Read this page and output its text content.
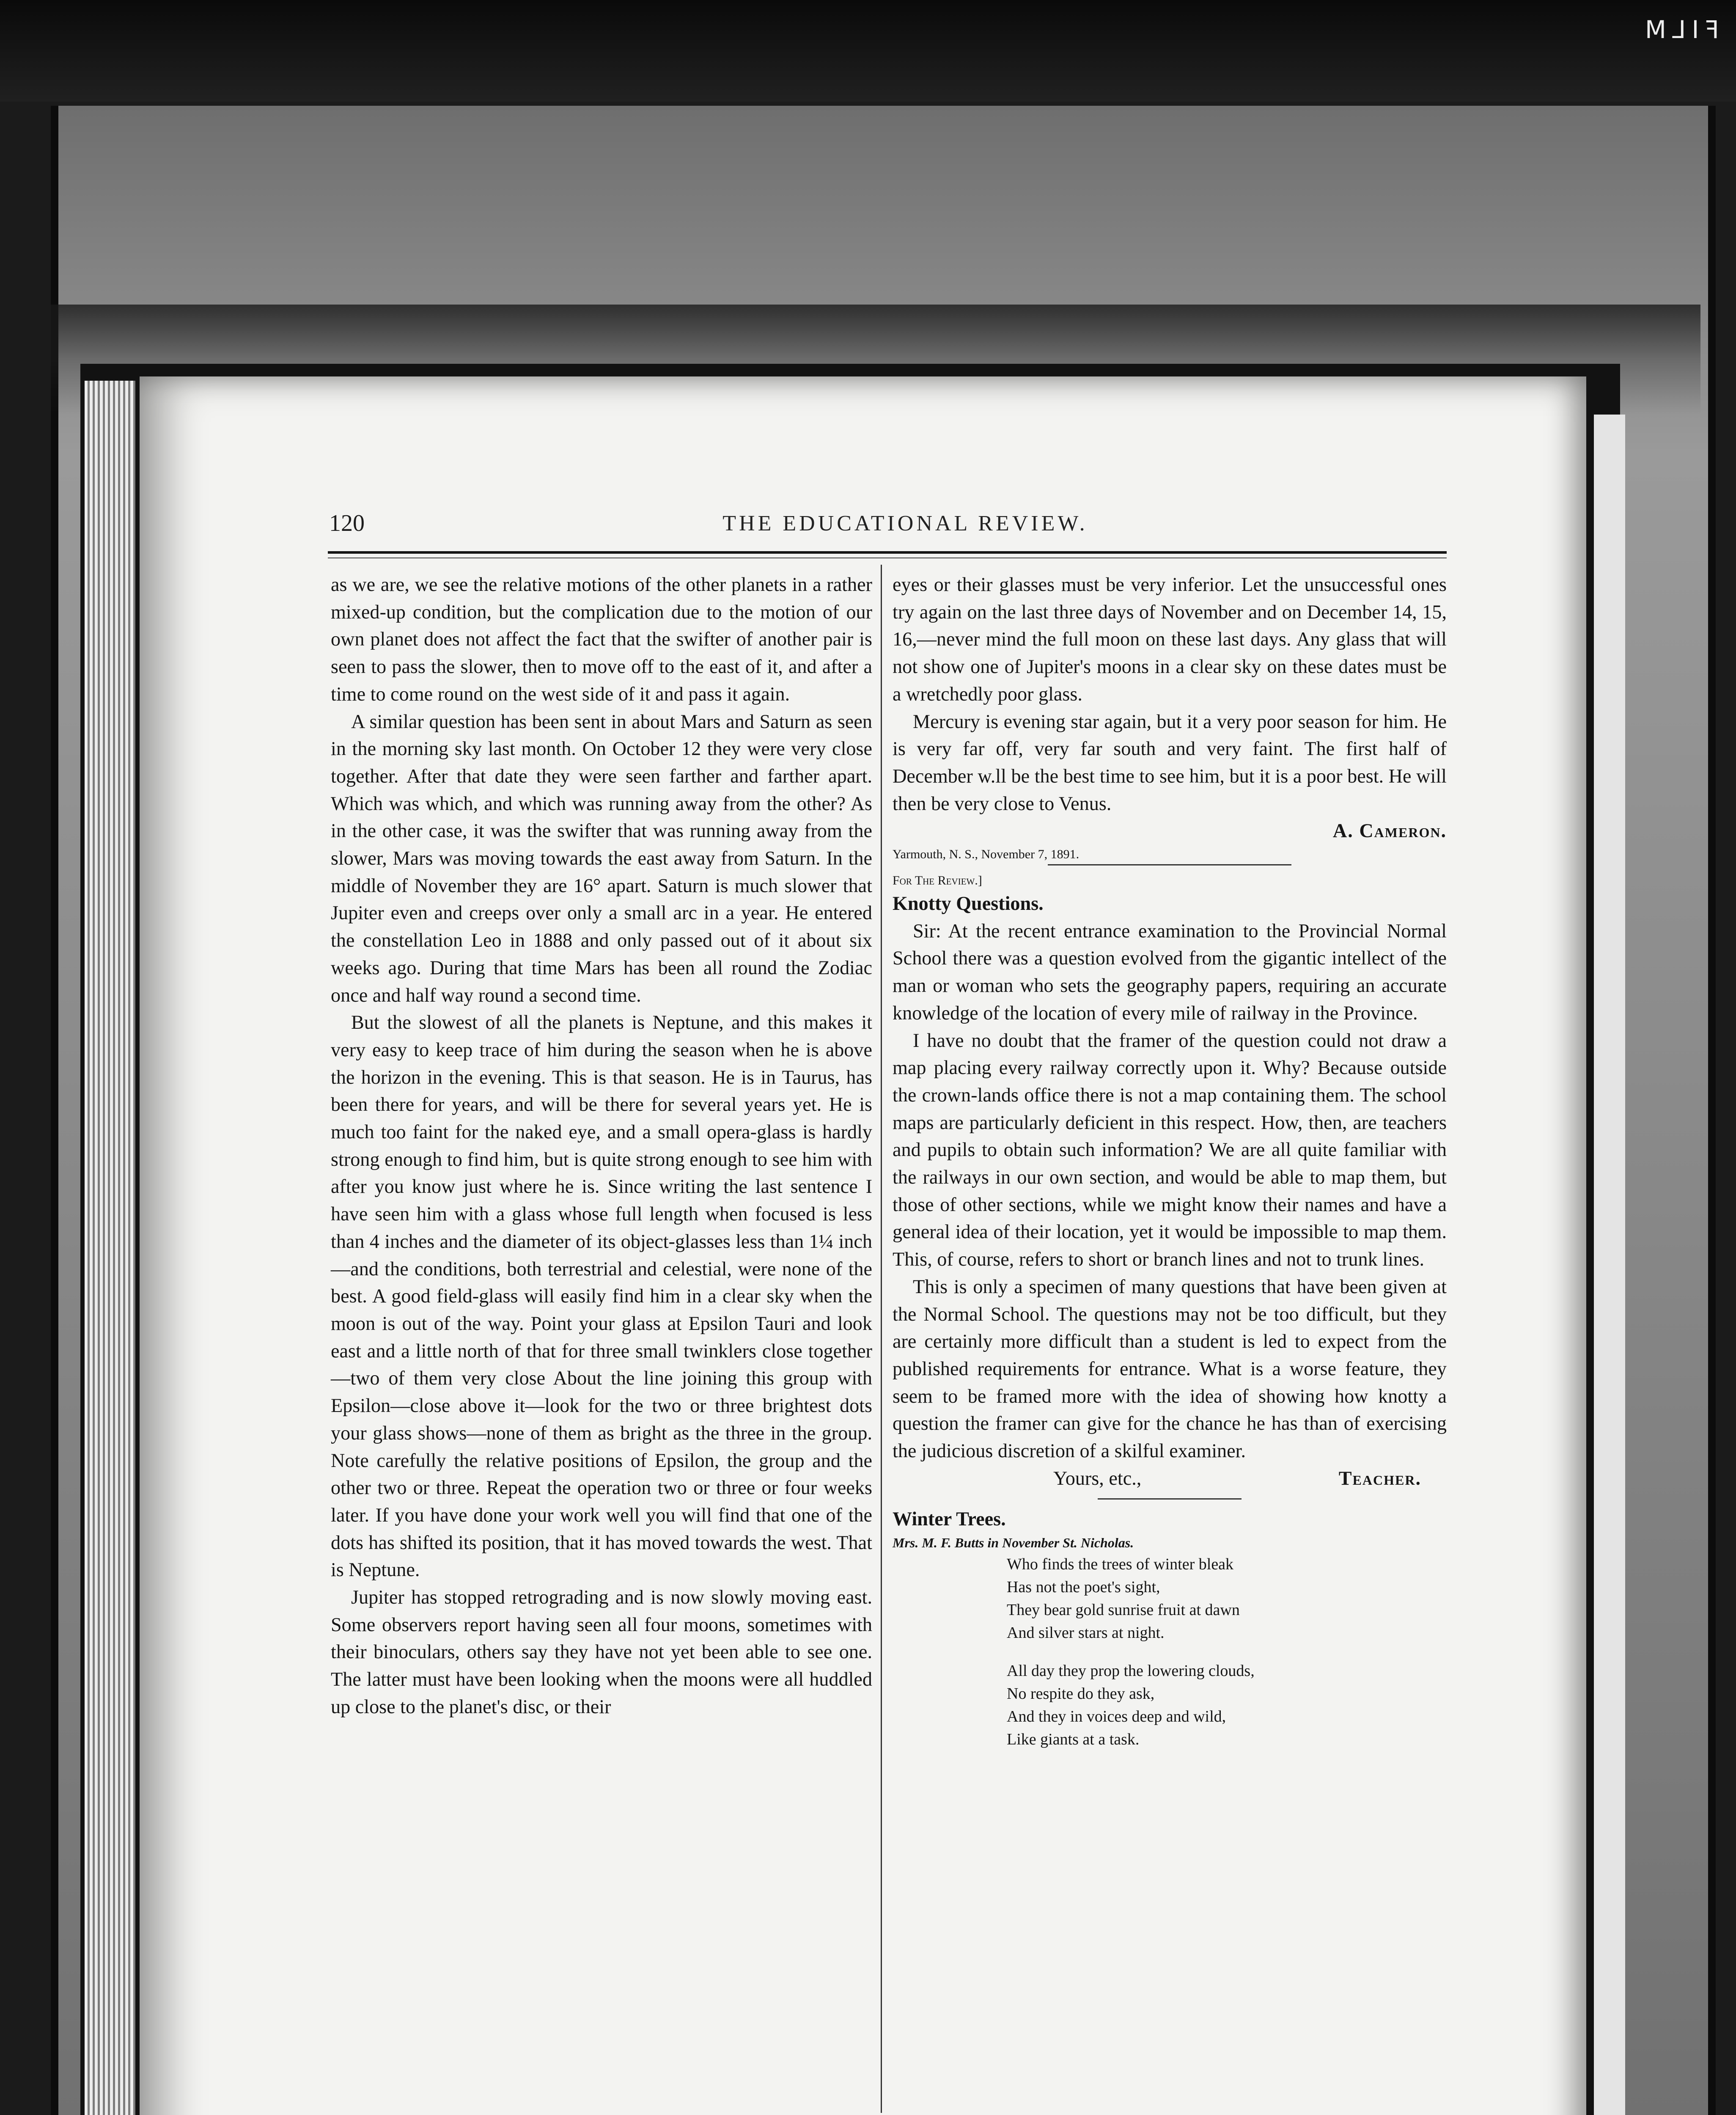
FILM

120	THE EDUCATIONAL REVIEW.

as we are, we see the relative motions of the other planets in a rather mixed-up condition, but the complication due to the motion of our own planet does not affect the fact that the swifter of another pair is seen to pass the slower, then to move off to the east of it, and after a time to come round on the west side of it and pass it again.

A similar question has been sent in about Mars and Saturn as seen in the morning sky last month. On October 12 they were very close together. After that date they were seen farther and farther apart. Which was which, and which was running away from the other? As in the other case, it was the swifter that was running away from the slower, Mars was moving towards the east away from Saturn. In the middle of November they are 16° apart. Saturn is much slower that Jupiter even and creeps over only a small arc in a year. He entered the constellation Leo in 1888 and only passed out of it about six weeks ago. During that time Mars has been all round the Zodiac once and half way round a second time.

But the slowest of all the planets is Neptune, and this makes it very easy to keep trace of him during the season when he is above the horizon in the evening. This is that season. He is in Taurus, has been there for years, and will be there for several years yet. He is much too faint for the naked eye, and a small opera-glass is hardly strong enough to find him, but is quite strong enough to see him with after you know just where he is. Since writing the last sentence I have seen him with a glass whose full length when focused is less than 4 inches and the diameter of its object-glasses less than 1¼ inch—and the conditions, both terrestrial and celestial, were none of the best. A good field-glass will easily find him in a clear sky when the moon is out of the way. Point your glass at Epsilon Tauri and look east and a little north of that for three small twinklers close together—two of them very close About the line joining this group with Epsilon—close above it—look for the two or three brightest dots your glass shows—none of them as bright as the three in the group. Note carefully the relative positions of Epsilon, the group and the other two or three. Repeat the operation two or three or four weeks later. If you have done your work well you will find that one of the dots has shifted its position, that it has moved towards the west. That is Neptune.

Jupiter has stopped retrograding and is now slowly moving east. Some observers report having seen all four moons, sometimes with their binoculars, others say they have not yet been able to see one. The latter must have been looking when the moons were all huddled up close to the planet's disc, or their

eyes or their glasses must be very inferior. Let the unsuccessful ones try again on the last three days of November and on December 14, 15, 16,—never mind the full moon on these last days. Any glass that will not show one of Jupiter's moons in a clear sky on these dates must be a wretchedly poor glass.

Mercury is evening star again, but it a very poor season for him. He is very far off, very far south and very faint. The first half of December w.ll be the best time to see him, but it is a poor best. He will then be very close to Venus.

A. Cameron.

Yarmouth, N. S., November 7, 1891.

For The Review.]

Knotty Questions.

Sir: At the recent entrance examination to the Provincial Normal School there was a question evolved from the gigantic intellect of the man or woman who sets the geography papers, requiring an accurate knowledge of the location of every mile of railway in the Province.

I have no doubt that the framer of the question could not draw a map placing every railway correctly upon it. Why? Because outside the crown-lands office there is not a map containing them. The school maps are particularly deficient in this respect. How, then, are teachers and pupils to obtain such information? We are all quite familiar with the railways in our own section, and would be able to map them, but those of other sections, while we might know their names and have a general idea of their location, yet it would be impossible to map them. This, of course, refers to short or branch lines and not to trunk lines.

This is only a specimen of many questions that have been given at the Normal School. The questions may not be too difficult, but they are certainly more difficult than a student is led to expect from the published requirements for entrance. What is a worse feature, they seem to be framed more with the idea of showing how knotty a question the framer can give for the chance he has than of exercising the judicious discretion of a skilful examiner.

Yours, etc.,	Teacher.

Winter Trees.

Mrs. M. F. Butts in November St. Nicholas.

Who finds the trees of winter bleak
Has not the poet's sight,
They bear gold sunrise fruit at dawn
And silver stars at night.
All day they prop the lowering clouds,
No respite do they ask,
And they in voices deep and wild,
Like giants at a task.
